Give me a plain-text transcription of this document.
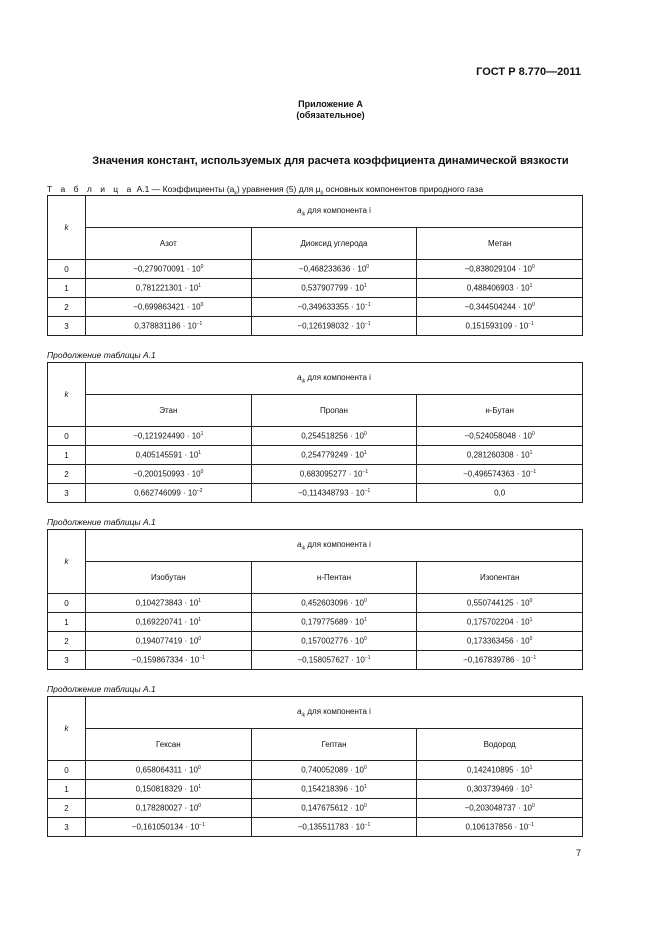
ГОСТ Р 8.770—2011
Приложение А
(обязательное)
Значения констант, используемых для расчета коэффициента динамической вязкости
Т а б л и ц а А.1 — Коэффициенты $(a_k)$ уравнения (5) для $\mu_0$ основных компонентов природного газа
k	$a_{ik}$ для компонента i		
	Азот	Диоксид углерода	Метан
0	$-0,279070091 \cdot 10^0$	$-0,468233636 \cdot 10^0$	$-0,838029104 \cdot 10^0$
1	$0,781221301 \cdot 10^1$	$0,537907799 \cdot 10^1$	$0,488406903 \cdot 10^1$
2	$-0,699863421 \cdot 10^0$	$-0,349633355 \cdot 10^{-1}$	$-0,344504244 \cdot 10^0$
3	$0,378831186 \cdot 10^{-1}$	$-0,126198032 \cdot 10^{-1}$	$0,151593109 \cdot 10^{-1}$
Продолжение таблицы А.1
k	$a_{ik}$ для компонента i		
	Этан	Пропан	н-Бутан
0	$-0,121924490 \cdot 10^1$	$0,254518256 \cdot 10^0$	$-0,524058048 \cdot 10^0$
1	$0,405145591 \cdot 10^1$	$0,254779249 \cdot 10^1$	$0,281260308 \cdot 10^1$
2	$-0,200150993 \cdot 10^0$	$0,683095277 \cdot 10^{-1}$	$-0,496574363 \cdot 10^{-1}$
3	$0,662746099 \cdot 10^{-2}$	$-0,114348793 \cdot 10^{-1}$	0,0
Продолжение таблицы А.1
k	$a_{ik}$ для компонента i		
	Изобутан	н-Пентан	Изопентан
0	$0,104273843 \cdot 10^1$	$0,452603096 \cdot 10^0$	$0,550744125 \cdot 10^0$
1	$0,169220741 \cdot 10^1$	$0,179775689 \cdot 10^1$	$0,175702204 \cdot 10^1$
2	$0,194077419 \cdot 10^0$	$0,157002776 \cdot 10^0$	$0,173363456 \cdot 10^0$
3	$-0,159867334 \cdot 10^{-1}$	$-0,158057627 \cdot 10^{-1}$	$-0,167839786 \cdot 10^{-1}$
Продолжение таблицы А.1
k	$a_{ik}$ для компонента i		
	Гексан	Гептан	Водород
0	$0,658064311 \cdot 10^0$	$0,740052089 \cdot 10^0$	$0,142410895 \cdot 10^1$
1	$0,150818329 \cdot 10^1$	$0,154218396 \cdot 10^1$	$0,303739469 \cdot 10^1$
2	$0,178280027 \cdot 10^0$	$0,147675612 \cdot 10^0$	$-0,203048737 \cdot 10^0$
3	$-0,161050134 \cdot 10^{-1}$	$-0,135511783 \cdot 10^{-1}$	$0,106137856 \cdot 10^{-1}$
7
